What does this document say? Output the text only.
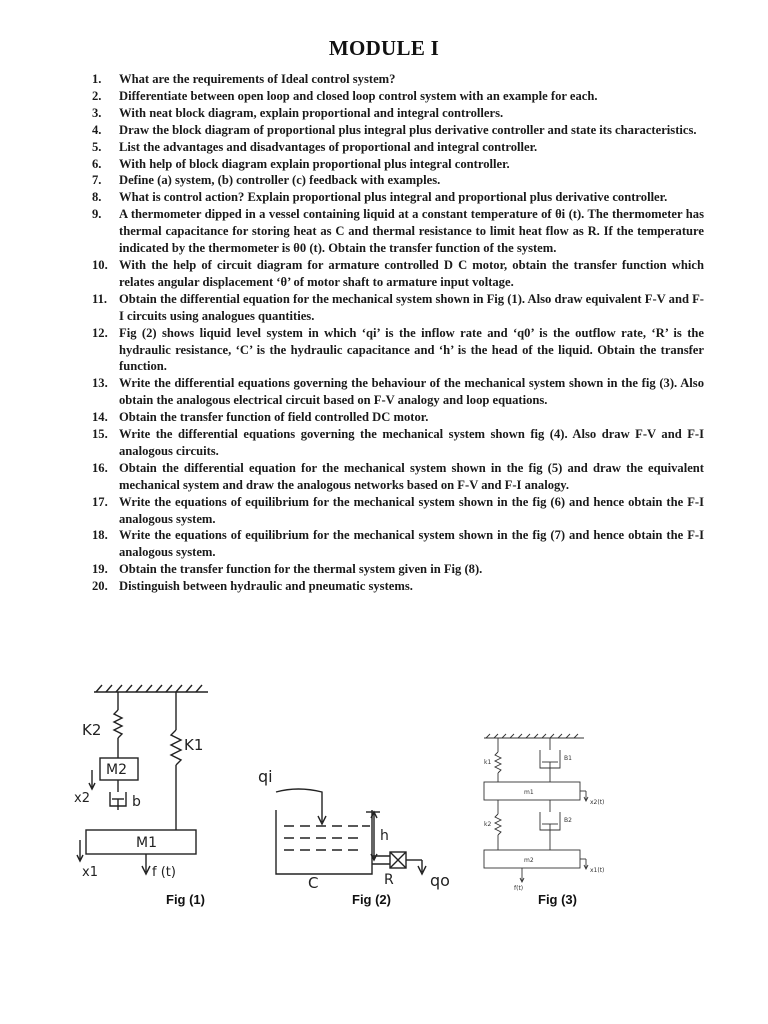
MODULE I
1.	What are the requirements of Ideal control system?
2.	Differentiate between open loop and closed loop control system with an example for each.
3.	With neat block diagram, explain proportional and integral controllers.
4.	Draw the block diagram of proportional plus integral plus derivative controller and state its characteristics.
5.	List the advantages and disadvantages of proportional and integral controller.
6.	With help of block diagram explain proportional plus integral controller.
7.	Define (a) system, (b) controller (c) feedback with examples.
8.	What is control action? Explain proportional plus integral and proportional plus derivative controller.
9.	A thermometer dipped in a vessel containing liquid at a constant temperature of θi (t). The thermometer has thermal capacitance for storing heat as C and thermal resistance to limit heat flow as R. If the temperature indicated by the thermometer is θ0 (t). Obtain the transfer function of the system.
10. With the help of circuit diagram for armature controlled D C motor, obtain the transfer function which relates angular displacement ‘θ’ of motor shaft to armature input voltage.
11. Obtain the differential equation for the mechanical system shown in Fig (1). Also draw equivalent F-V and F-I circuits using analogues quantities.
12. Fig (2) shows liquid level system in which ‘qi’ is the inflow rate and ‘q0’ is the outflow rate, ‘R’ is the hydraulic resistance, ‘C’ is the hydraulic capacitance and ‘h’ is the head of the liquid. Obtain the transfer function.
13. Write the differential equations governing the behaviour of the mechanical system shown in the fig (3). Also obtain the analogous electrical circuit based on F-V analogy and loop equations.
14. Obtain the transfer function of field controlled DC motor.
15. Write the differential equations governing the mechanical system shown fig (4). Also draw F-V and F-I analogous circuits.
16. Obtain the differential equation for the mechanical system shown in the fig (5) and draw the equivalent mechanical system and draw the analogous networks based on F-V and F-I analogy.
17. Write the equations of equilibrium for the mechanical system shown in the fig (6) and hence obtain the F-I analogous system.
18. Write the equations of equilibrium for the mechanical system shown in the fig (7) and hence obtain the F-I analogous system.
19. Obtain the transfer function for the thermal system given in Fig (8).
20. Distinguish between hydraulic and pneumatic systems.
K2
K1
M2
b
M1
x2
x1	f (t)
Fig (1)
qi
h
C	R qo
Fig (2)
k1
B1
m1
x2(t)
k2
B2
m2
x1(t)
f(t)
Fig (3)
